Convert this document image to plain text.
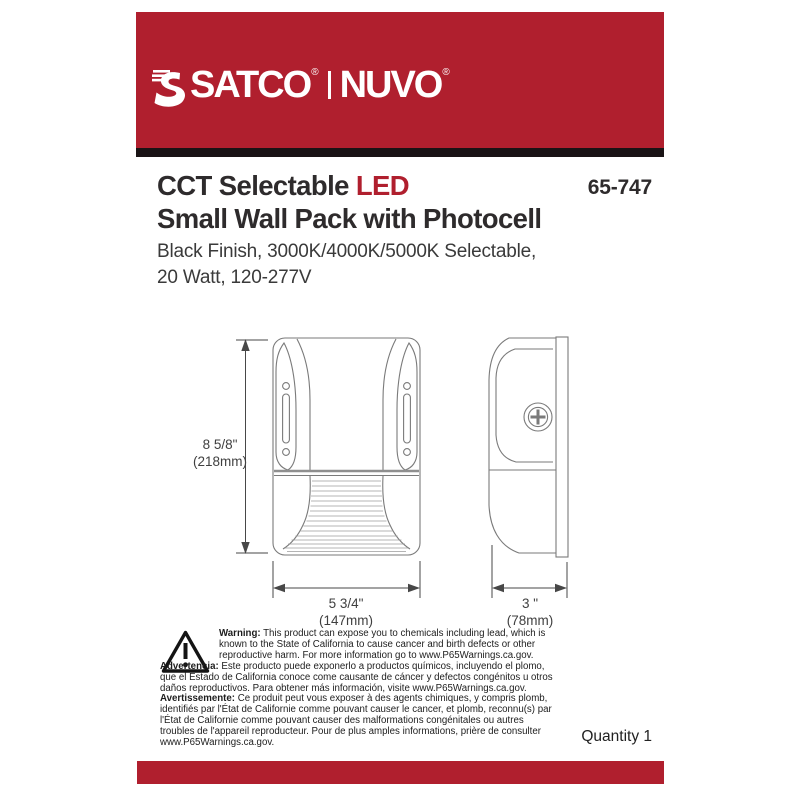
SATCO ® NUVO ®
CCT Selectable LED
Small Wall Pack with Photocell
65-747
Black Finish, 3000K/4000K/5000K Selectable,
20 Watt, 120-277V
8 5/8"
(218mm)
5 3/4"
(147mm)
3 "
(78mm)
Warning: This product can expose you to chemicals including lead, which is known to the State of California to cause cancer and birth defects or other reproductive harm. For more information go to www.P65Warnings.ca.gov.
Advertencia: Este producto puede exponerlo a productos químicos, incluyendo el plomo, que el Estado de California conoce come causante de cáncer y defectos congénitos u otros daños reproductivos. Para obtener más información, visite www.P65Warnings.ca.gov.
Avertissemente: Ce produit peut vous exposer à des agents chimiques, y compris plomb, identifiés par l'État de Californie comme pouvant causer le cancer, et plomb, reconnu(s) par l'État de Californie comme pouvant causer des malformations congénitales ou autres troubles de l'appareil reproducteur. Pour de plus amples informations, prière de consulter www.P65Warnings.ca.gov.	Quantity 1
